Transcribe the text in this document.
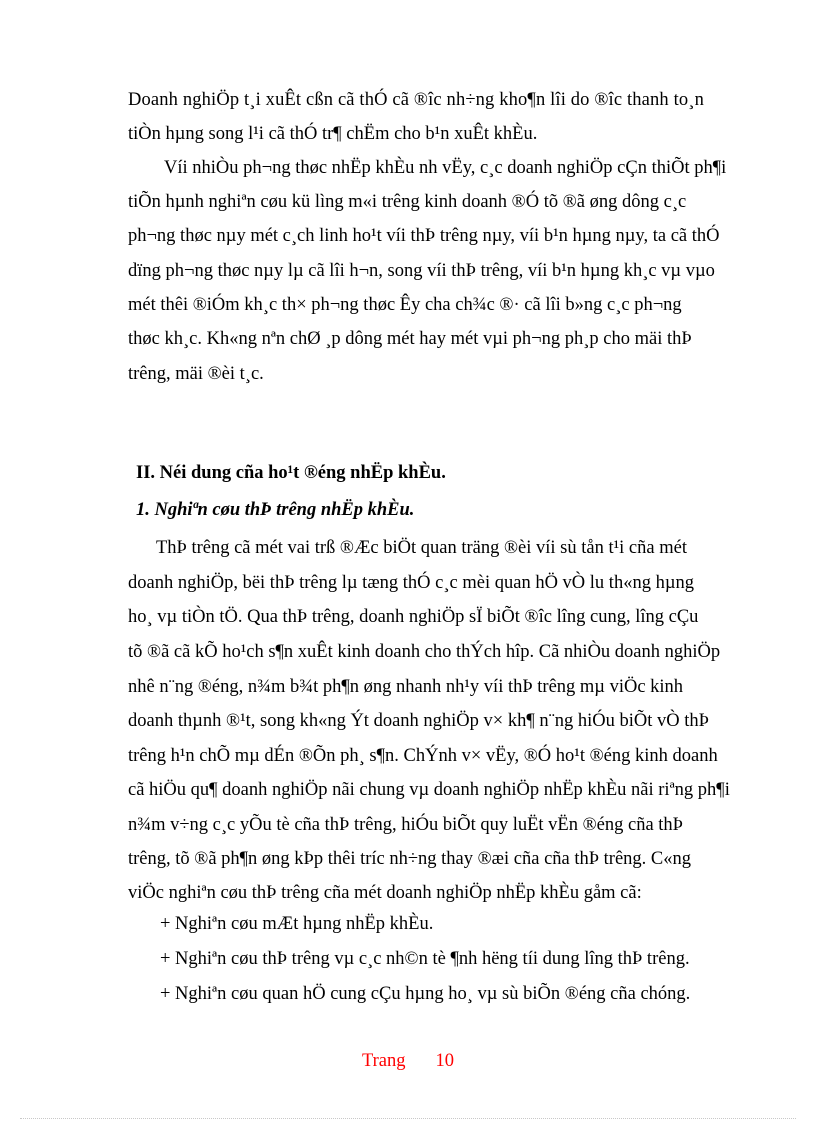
Doanh nghiÖp t¸i xuÊt cßn cã thÓ cã ®îc nh÷ng kho¶n lîi do ®îc thanh to¸n
tiÒn hµng song l¹i cã thÓ tr¶ chËm cho b¹n xuÊt khÈu.
Víi nhiÒu ph¬ng thøc nhËp khÈu nh vËy, c¸c doanh nghiÖp cÇn thiÕt ph¶i
tiÕn hµnh nghiªn cøu kü lìng m«i trêng kinh doanh ®Ó tõ ®ã øng dông c¸c
ph¬ng thøc nµy mét c¸ch linh ho¹t víi thÞ trêng nµy, víi b¹n hµng nµy, ta cã thÓ
dïng ph¬ng thøc nµy lµ cã lîi h¬n, song víi thÞ trêng, víi b¹n hµng kh¸c vµ vµo
mét thêi ®iÓm kh¸c th× ph¬ng thøc Êy cha ch¾c ®· cã lîi b»ng c¸c ph¬ng
thøc kh¸c. Kh«ng nªn chØ ¸p dông mét hay mét vµi ph¬ng ph¸p cho mäi thÞ
trêng, mäi ®èi t¸c.
II. Néi dung cña ho¹t ®éng nhËp khÈu.
1. Nghiªn cøu thÞ trêng nhËp khÈu.
ThÞ trêng cã mét vai trß ®Æc biÖt quan träng ®èi víi sù tån t¹i cña mét
doanh nghiÖp, bëi thÞ trêng lµ tæng thÓ c¸c mèi quan hÖ vÒ lu th«ng hµng
ho¸ vµ tiÒn tÖ. Qua thÞ trêng, doanh nghiÖp sÏ biÕt ®îc lîng cung, lîng cÇu
tõ ®ã cã kÕ ho¹ch s¶n xuÊt kinh doanh cho thÝch hîp. Cã nhiÒu doanh nghiÖp
nhê n¨ng ®éng, n¾m b¾t ph¶n øng nhanh nh¹y víi thÞ trêng mµ viÖc kinh
doanh thµnh ®¹t, song kh«ng Ýt doanh nghiÖp v× kh¶ n¨ng hiÓu biÕt vÒ thÞ
trêng h¹n chÕ mµ dÉn ®Õn ph¸ s¶n. ChÝnh v× vËy, ®Ó ho¹t ®éng kinh doanh
cã hiÖu qu¶ doanh nghiÖp nãi chung vµ doanh nghiÖp nhËp khÈu nãi riªng ph¶i
n¾m v÷ng c¸c yÕu tè cña thÞ trêng, hiÓu biÕt quy luËt vËn ®éng cña thÞ
trêng, tõ ®ã ph¶n øng kÞp thêi tríc nh÷ng thay ®æi cña cña thÞ trêng. C«ng
viÖc nghiªn cøu thÞ trêng cña mét doanh nghiÖp nhËp khÈu gåm cã:
+ Nghiªn cøu mÆt hµng nhËp khÈu.
+ Nghiªn cøu thÞ trêng vµ c¸c nh©n tè ¶nh hëng tíi dung lîng thÞ trêng.
+ Nghiªn cøu quan hÖ cung cÇu hµng ho¸ vµ sù biÕn ®éng cña chóng.
Trang 10
